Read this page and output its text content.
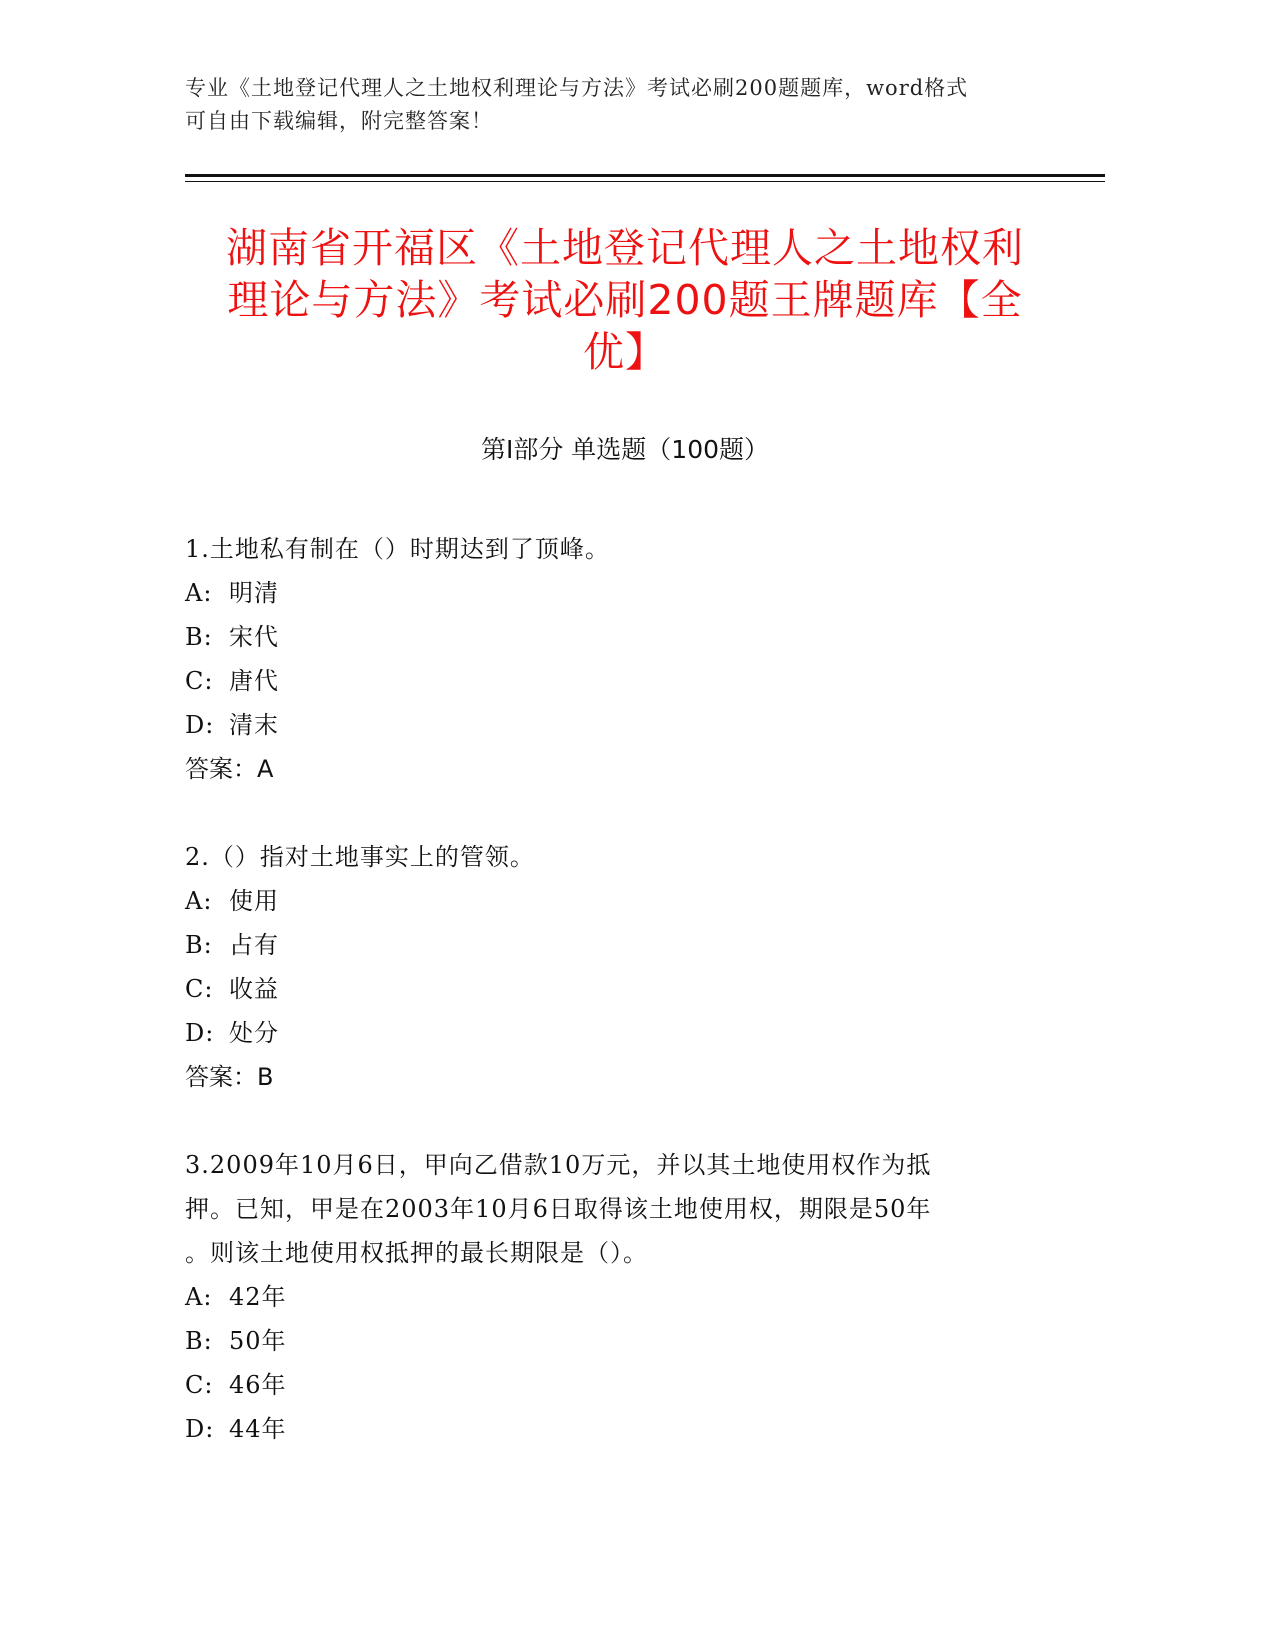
专业《土地登记代理人之土地权利理论与方法》考试必刷200题题库，word格式
可自由下载编辑，附完整答案！
湖南省开福区《土地登记代理人之土地权利
理论与方法》考试必刷200题王牌题库【全
优】
第Ⅰ部分 单选题（100题）
1.土地私有制在（）时期达到了顶峰。
A: 明清
B: 宋代
C: 唐代
D: 清末
答案：A
2.（）指对土地事实上的管领。
A: 使用
B: 占有
C: 收益
D: 处分
答案：B
3.2009年10月6日，甲向乙借款10万元，并以其土地使用权作为抵
押。已知，甲是在2003年10月6日取得该土地使用权，期限是50年
。则该土地使用权抵押的最长期限是（）。
A: 42年
B: 50年
C: 46年
D: 44年
